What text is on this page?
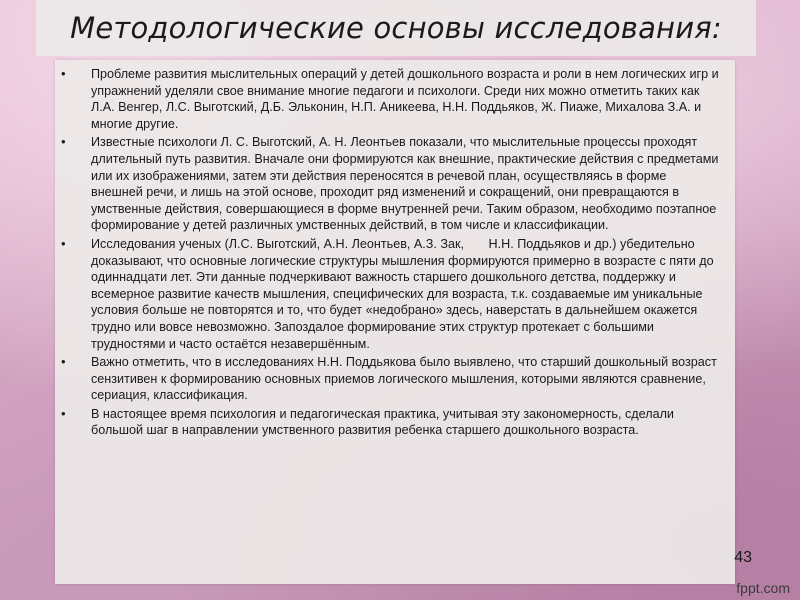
Методологические основы исследования:
• Проблеме развития мыслительных операций у детей дошкольного возраста и роли в нем логических игр и упражнений уделяли свое внимание многие педагоги и психологи. Среди них можно отметить таких как Л.А. Венгер, Л.С. Выготский, Д.Б. Эльконин, Н.П. Аникеева, Н.Н. Поддьяков, Ж. Пиаже, Михалова З.А. и многие другие.
• Известные психологи Л. С. Выготский, А. Н. Леонтьев показали, что мыслительные процессы проходят длительный путь развития. Вначале они формируются как внешние, практические действия с предметами или их изображениями, затем эти действия переносятся в речевой план, осуществляясь в форме внешней речи, и лишь на этой основе, проходит ряд изменений и сокращений, они превращаются в умственные действия, совершающиеся в форме внутренней речи. Таким образом, необходимо поэтапное формирование у детей различных умственных действий, в том числе и классификации.
• Исследования ученых (Л.С. Выготский, А.Н. Леонтьев, А.З. Зак,       Н.Н. Поддьяков и др.) убедительно доказывают, что основные логические структуры мышления формируются примерно в возрасте с пяти до одиннадцати лет. Эти данные подчеркивают важность старшего дошкольного детства, поддержку и всемерное развитие качеств мышления, специфических для возраста, т.к. создаваемые им уникальные условия больше не повторятся и то, что будет «недобрано» здесь, наверстать в дальнейшем окажется трудно или вовсе невозможно. Запоздалое формирование этих структур протекает с большими трудностями и часто остаётся незавершённым.
• Важно отметить, что в исследованиях Н.Н. Поддьякова было выявлено, что старший дошкольный возраст сензитивен к формированию основных приемов логического мышления, которыми являются сравнение, сериация, классификация.
• В настоящее время психология и педагогическая практика, учитывая эту закономерность, сделали большой шаг в направлении умственного развития ребенка старшего дошкольного возраста.
43
fppt.com
